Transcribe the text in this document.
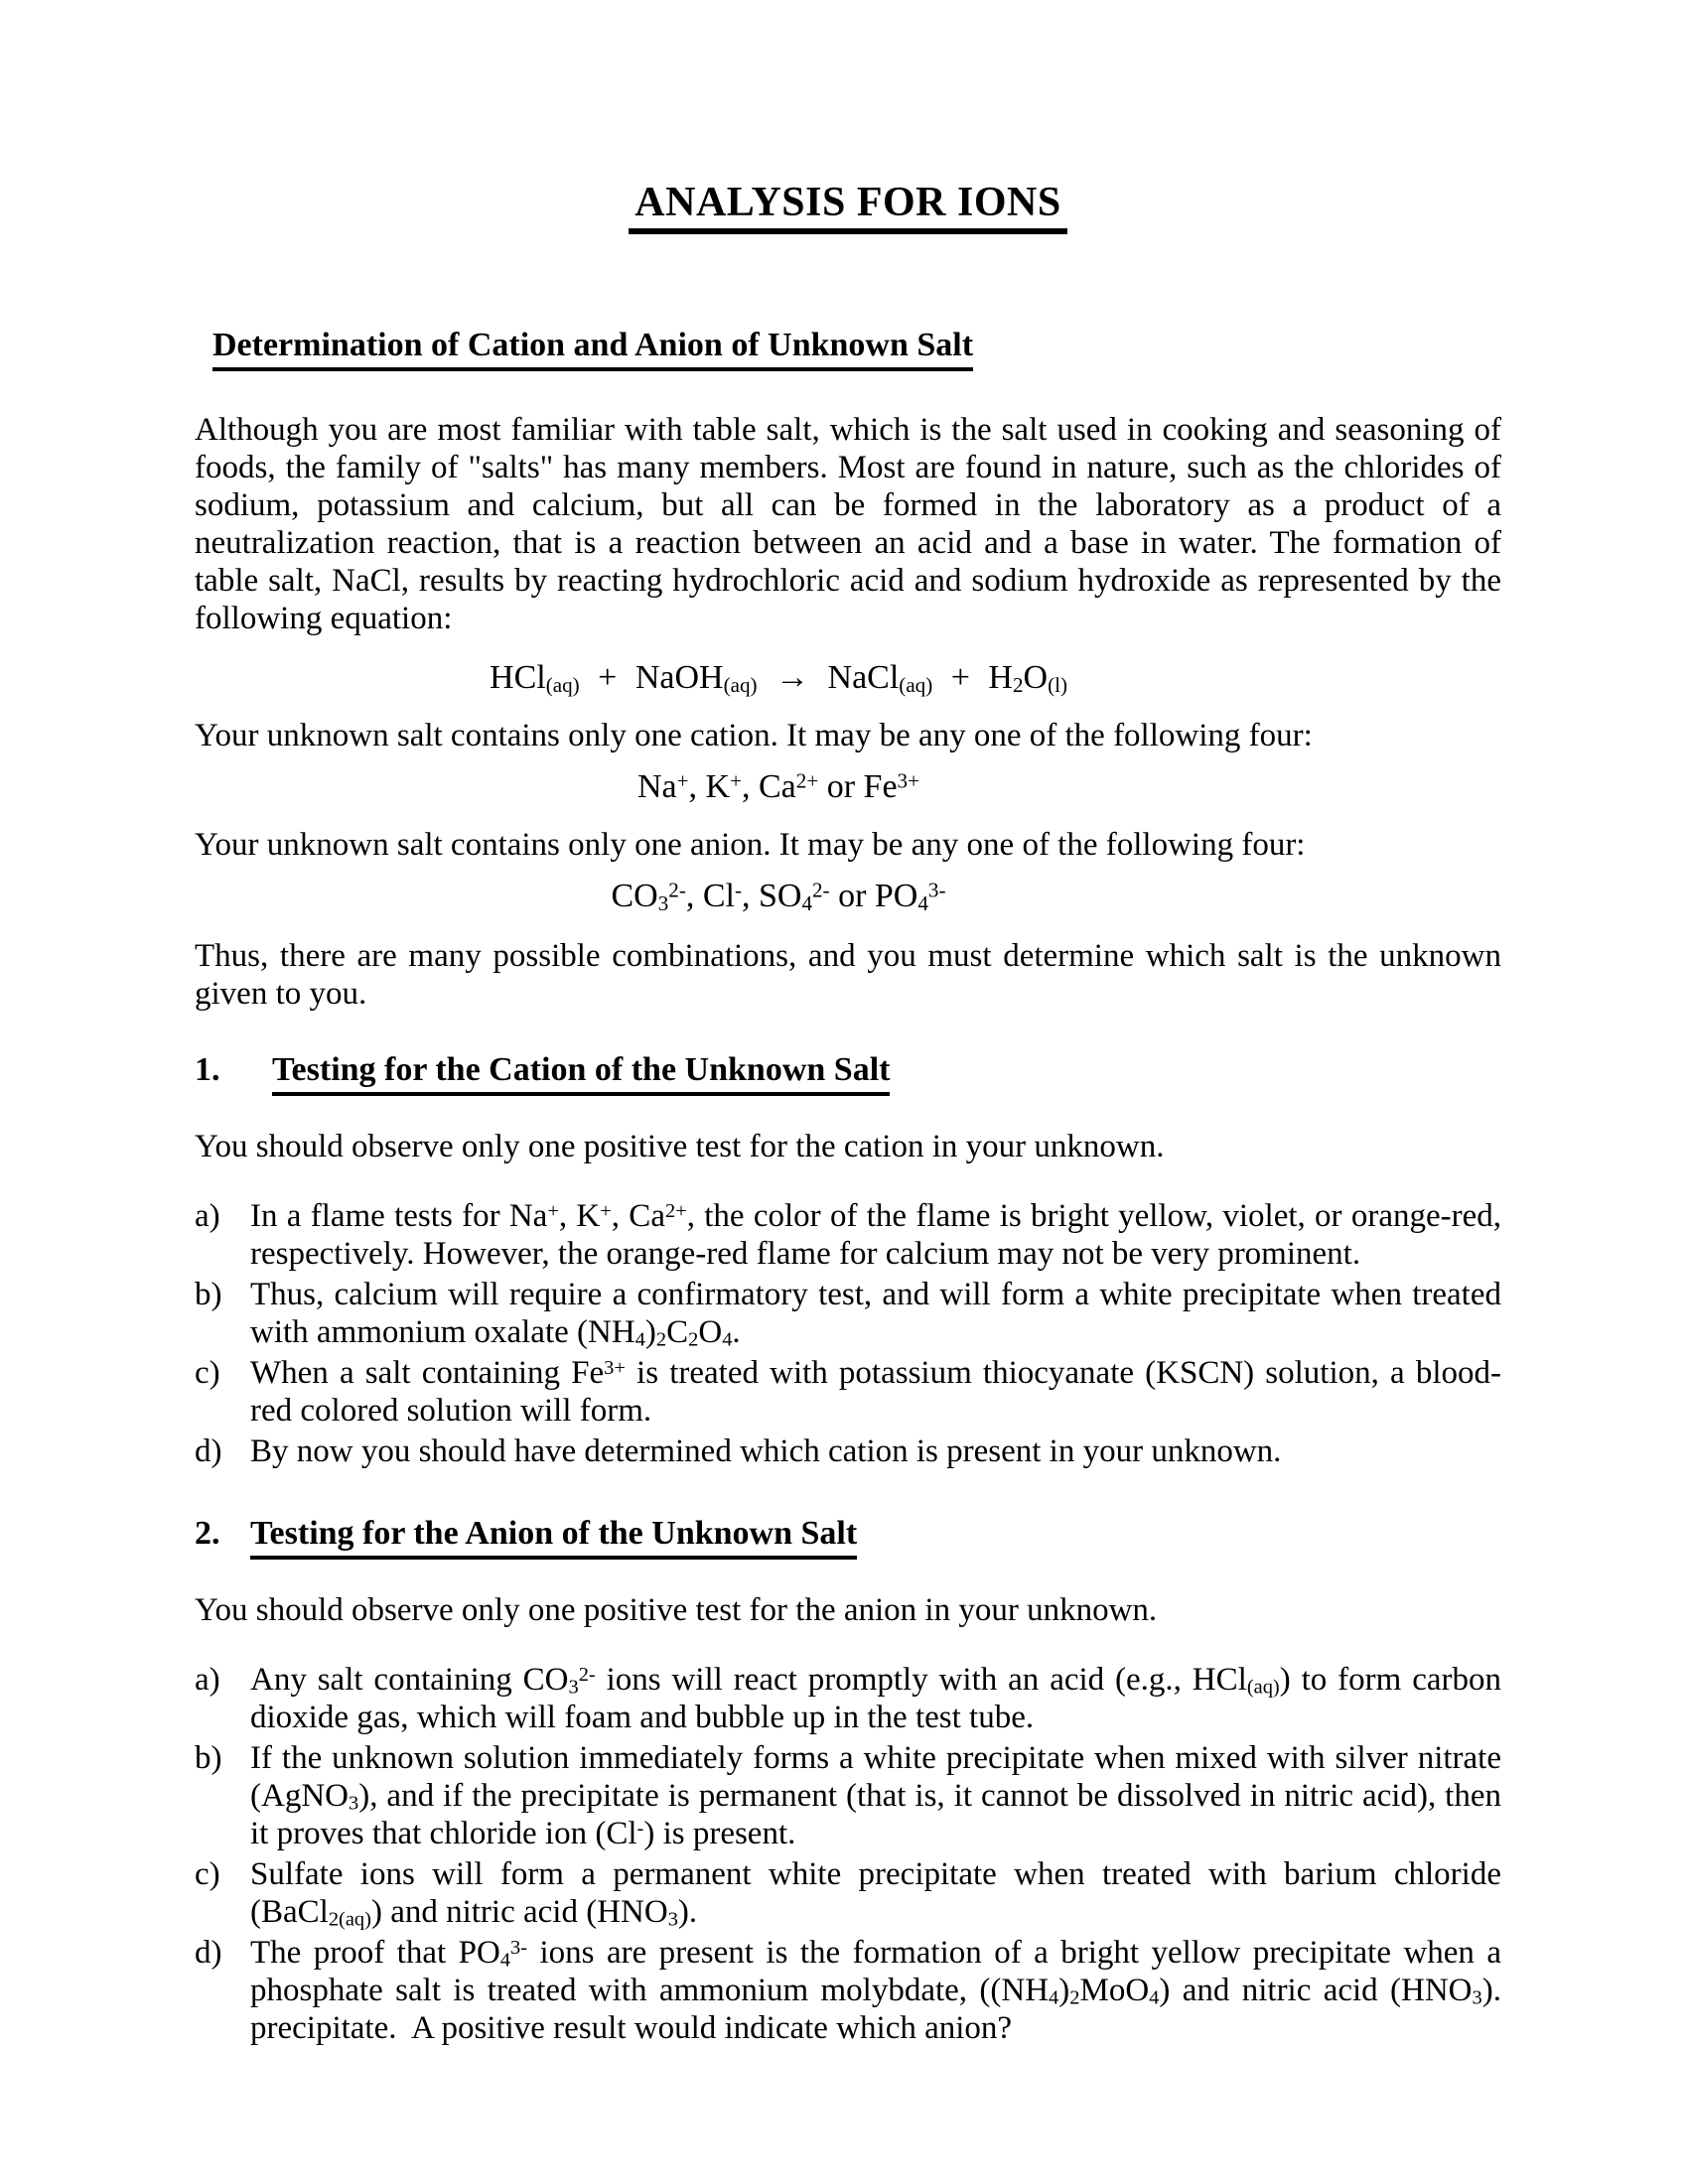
ANALYSIS FOR IONS
Determination of Cation and Anion of Unknown Salt

Although you are most familiar with table salt, which is the salt used in cooking and seasoning of foods, the family of "salts" has many members. Most are found in nature, such as the chlorides of sodium, potassium and calcium, but all can be formed in the laboratory as a product of a neutralization reaction, that is a reaction between an acid and a base in water. The formation of table salt, NaCl, results by reacting hydrochloric acid and sodium hydroxide as represented by the following equation:

HCl$_{(aq)}$ + NaOH$_{(aq)}$ → NaCl$_{(aq)}$ + $H_2O_{(l)}$

Your unknown salt contains only one cation. It may be any one of the following four:

Na+, K+, $Ca^{2+}$ or $Fe^{3+}$

Your unknown salt contains only one anion. It may be any one of the following four:

$CO_3^{2-}$, Cl-, $SO_4^{2-}$ or $PO_4^{3-}$

Thus, there are many possible combinations, and you must determine which salt is the unknown given to you.

1.	Testing for the Cation of the Unknown Salt

You should observe only one positive test for the cation in your unknown.

a) In a flame tests for Na+, K+, $Ca^{2+}$, the color of the flame is bright yellow, violet, or orange-red, respectively. However, the orange-red flame for calcium may not be very prominent.
b) Thus, calcium will require a confirmatory test, and will form a white precipitate when treated with ammonium oxalate $(NH_4)_2C_2O_4$.
c) When a salt containing $Fe^{3+}$ is treated with potassium thiocyanate (KSCN) solution, a blood-red colored solution will form.
d) By now you should have determined which cation is present in your unknown.
2. Testing for the Anion of the Unknown Salt

You should observe only one positive test for the anion in your unknown.

a) Any salt containing $CO_3^{2-}$ ions will react promptly with an acid (e.g., HCl$_{(aq)}$) to form carbon dioxide gas, which will foam and bubble up in the test tube.
b) If the unknown solution immediately forms a white precipitate when mixed with silver nitrate (AgNO$_3$), and if the precipitate is permanent (that is, it cannot be dissolved in nitric acid), then it proves that chloride ion (Cl-) is present.
c) Sulfate ions will form a permanent white precipitate when treated with barium chloride (BaCl$_{2(aq)}$) and nitric acid $(HNO_3)$.
d) The proof that $PO_4^{3-}$ ions are present is the formation of a bright yellow precipitate when a phosphate salt is treated with ammonium molybdate, $((NH_4)_2MoO_4)$ and nitric acid $(HNO_3)$. precipitate.  A positive result would indicate which anion?
